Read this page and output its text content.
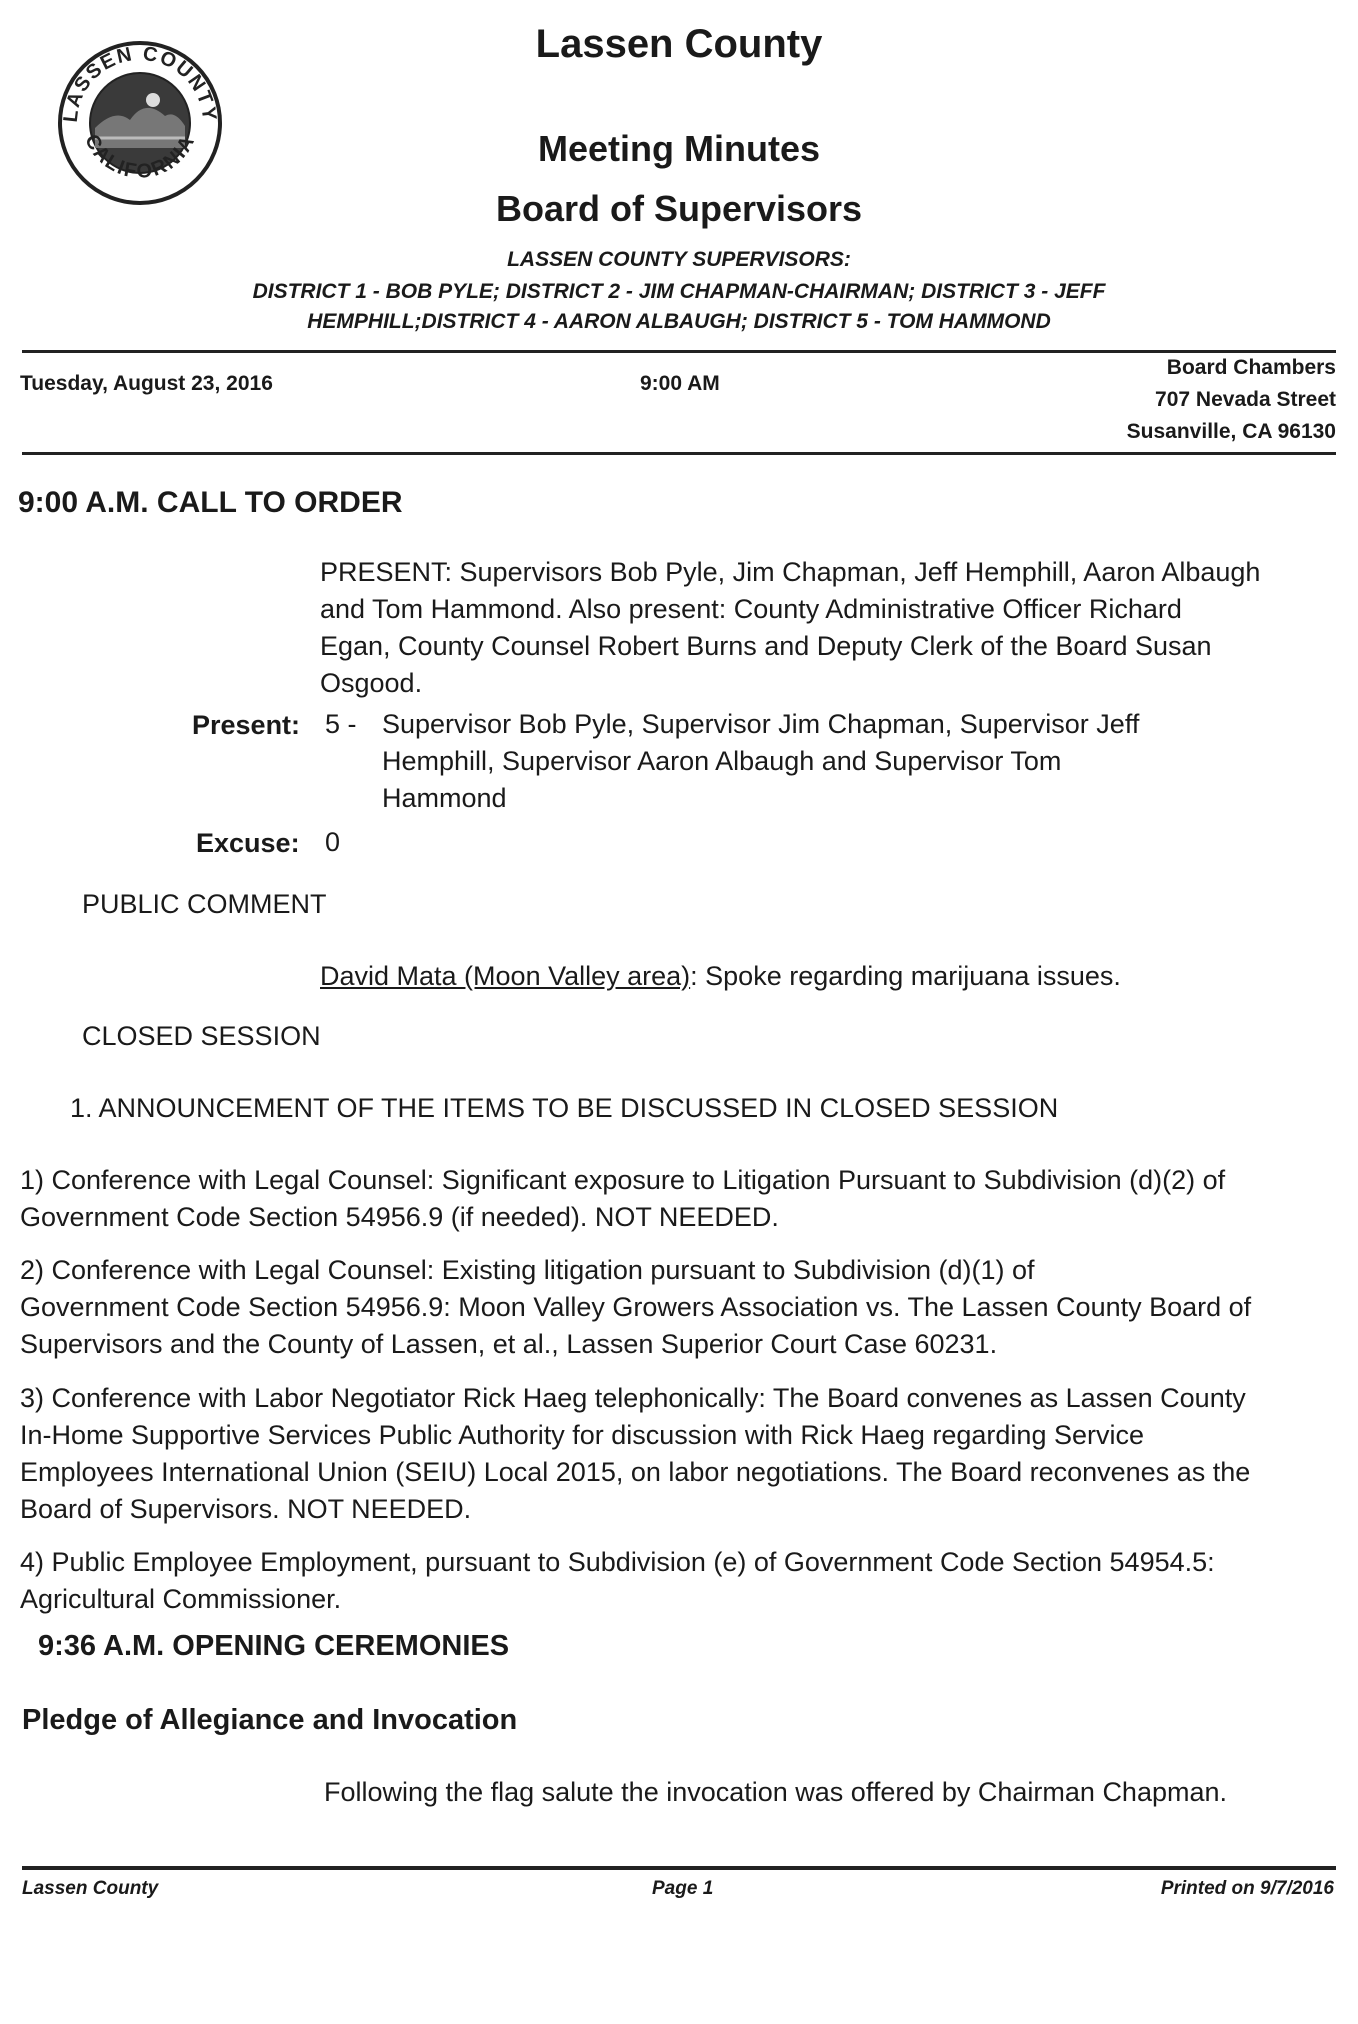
LASSEN COUNTY
CALIFORNIA
Lassen County
Meeting Minutes
Board of Supervisors
LASSEN COUNTY SUPERVISORS:
DISTRICT 1 - BOB PYLE; DISTRICT 2 - JIM CHAPMAN-CHAIRMAN; DISTRICT 3 - JEFF
HEMPHILL;DISTRICT 4 - AARON ALBAUGH; DISTRICT 5 - TOM HAMMOND
Tuesday, August 23, 2016	9:00 AM
Board Chambers
707 Nevada Street
Susanville, CA 96130
9:00 A.M. CALL TO ORDER
PRESENT: Supervisors Bob Pyle, Jim Chapman, Jeff Hemphill, Aaron Albaugh
and Tom Hammond. Also present: County Administrative Officer Richard
Egan, County Counsel Robert Burns and Deputy Clerk of the Board Susan
Osgood.
Present: 5 - Supervisor Bob Pyle, Supervisor Jim Chapman, Supervisor Jeff
Hemphill, Supervisor Aaron Albaugh and Supervisor Tom
Hammond
Excuse: 0
PUBLIC COMMENT
David Mata (Moon Valley area): Spoke regarding marijuana issues.
CLOSED SESSION
1. ANNOUNCEMENT OF THE ITEMS TO BE DISCUSSED IN CLOSED SESSION
1) Conference with Legal Counsel: Significant exposure to Litigation Pursuant to Subdivision (d)(2) of
Government Code Section 54956.9 (if needed). NOT NEEDED.
2) Conference with Legal Counsel: Existing litigation pursuant to Subdivision (d)(1) of
Government Code Section 54956.9: Moon Valley Growers Association vs. The Lassen County Board of
Supervisors and the County of Lassen, et al., Lassen Superior Court Case 60231.
3) Conference with Labor Negotiator Rick Haeg telephonically: The Board convenes as Lassen County
In-Home Supportive Services Public Authority for discussion with Rick Haeg regarding Service
Employees International Union (SEIU) Local 2015, on labor negotiations. The Board reconvenes as the
Board of Supervisors. NOT NEEDED.
4) Public Employee Employment, pursuant to Subdivision (e) of Government Code Section 54954.5:
Agricultural Commissioner.
9:36 A.M. OPENING CEREMONIES
Pledge of Allegiance and Invocation
Following the flag salute the invocation was offered by Chairman Chapman.
Lassen County	Page 1	Printed on 9/7/2016
